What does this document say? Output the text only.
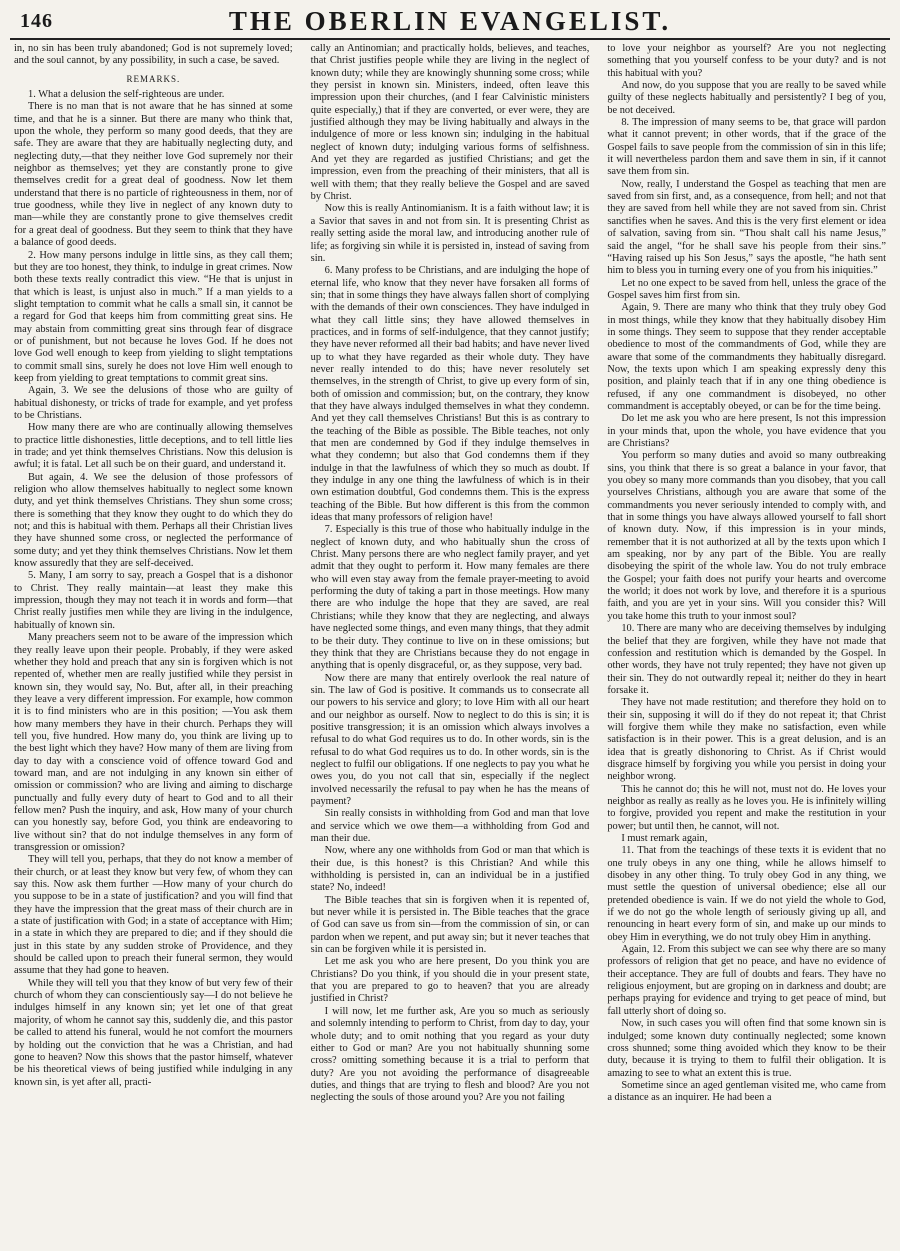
146	THE OBERLIN EVANGELIST.

in, no sin has been truly abandoned; God is not supremely loved; and the soul cannot, by any possibility, in such a case, be saved.

REMARKS.

1. What a delusion the self-righteous are under.

There is no man that is not aware that he has sinned at some time, and that he is a sinner. But there are many who think that, upon the whole, they perform so many good deeds, that they are safe. They are aware that they are habitually neglecting duty, and neglecting duty,—that they neither love God supremely nor their neighbor as themselves; yet they are constantly prone to give themselves credit for a great deal of goodness. Now let them understand that there is no particle of righteousness in them, nor of true goodness, while they live in neglect of any known duty to man—while they are constantly prone to give themselves credit for a great deal of goodness. But they seem to think that they have a balance of good deeds.

2. How many persons indulge in little sins, as they call them; but they are too honest, they think, to indulge in great crimes. Now both these texts really contradict this view. “He that is unjust in that which is least, is unjust also in much.” If a man yields to a slight temptation to commit what he calls a small sin, it cannot be a regard for God that keeps him from committing great sins. He may abstain from committing great sins through fear of disgrace or of punishment, but not because he loves God. If he does not love God well enough to keep from yielding to slight temptations to commit small sins, surely he does not love Him well enough to keep from yielding to great temptations to commit great sins.

Again, 3. We see the delusions of those who are guilty of habitual dishonesty, or tricks of trade for example, and yet profess to be Christians.

How many there are who are continually allowing themselves to practice little dishonesties, little deceptions, and to tell little lies in trade; and yet think themselves Christians. Now this delusion is awful; it is fatal. Let all such be on their guard, and understand it.

But again, 4. We see the delusion of those professors of religion who allow themselves habitually to neglect some known duty, and yet think themselves Christians. They shun some cross; there is something that they know they ought to do which they do not; and this is habitual with them. Perhaps all their Christian lives they have shunned some cross, or neglected the performance of some duty; and yet they think themselves Christians. Now let them know assuredly that they are self-deceived.

5. Many, I am sorry to say, preach a Gospel that is a dishonor to Christ. They really maintain—at least they make this impression, though they may not teach it in words and form—that Christ really justifies men while they are living in the indulgence, habitually of known sin.

Many preachers seem not to be aware of the impression which they really leave upon their people. Probably, if they were asked whether they hold and preach that any sin is forgiven which is not repented of, whether men are really justified while they persist in known sin, they would say, No. But, after all, in their preaching they leave a very different impression. For example, how common it is to find ministers who are in this position; —You ask them how many members they have in their church. Perhaps they will tell you, five hundred. How many do, you think are living up to the best light which they have? How many of them are living from day to day with a conscience void of offence toward God and toward man, and are not indulging in any known sin either of omission or commission? who are living and aiming to discharge punctually and fully every duty of heart to God and to all their fellow men? Push the inquiry, and ask, How many of your church can you honestly say, before God, you think are endeavoring to live without sin? that do not indulge themselves in any form of transgression or omission?

They will tell you, perhaps, that they do not know a member of their church, or at least they know but very few, of whom they can say this. Now ask them further —How many of your church do you suppose to be in a state of justification? and you will find that they have the impression that the great mass of their church are in a state of justification with God; in a state of acceptance with Him; in a state in which they are prepared to die; and if they should die just in this state by any sudden stroke of Providence, and they should be called upon to preach their funeral sermon, they would assume that they had gone to heaven.

While they will tell you that they know of but very few of their church of whom they can conscientiously say—I do not believe he indulges himself in any known sin; yet let one of that great majority, of whom he cannot say this, suddenly die, and this pastor be called to attend his funeral, would he not comfort the mourners by holding out the conviction that he was a Christian, and had gone to heaven? Now this shows that the pastor himself, whatever be his theoretical views of being justified while indulging in any known sin, is yet after all, practi-

cally an Antinomian; and practically holds, believes, and teaches, that Christ justifies people while they are living in the neglect of known duty; while they are knowingly shunning some cross; while they persist in known sin. Ministers, indeed, often leave this impression upon their churches, (and I fear Calvinistic ministers quite especially,) that if they are converted, or ever were, they are justified although they may be living habitually and always in the indulgence of more or less known sin; indulging in the habitual neglect of known duty; indulging various forms of selfishness. And yet they are regarded as justified Christians; and get the impression, even from the preaching of their ministers, that all is well with them; that they really believe the Gospel and are saved by Christ.

Now this is really Antinomianism. It is a faith without law; it is a Savior that saves in and not from sin. It is presenting Christ as really setting aside the moral law, and introducing another rule of life; as forgiving sin while it is persisted in, instead of saving from sin.

6. Many profess to be Christians, and are indulging the hope of eternal life, who know that they never have forsaken all forms of sin; that in some things they have always fallen short of complying with the demands of their own consciences. They have indulged in what they call little sins; they have allowed themselves in practices, and in forms of self-indulgence, that they cannot justify; they have never reformed all their bad habits; and have never lived up to what they have regarded as their whole duty. They have never really intended to do this; have never resolutely set themselves, in the strength of Christ, to give up every form of sin, both of omission and commission; but, on the contrary, they know that they have always indulged themselves in what they condemn. And yet they call themselves Christians! But this is as contrary to the teaching of the Bible as possible. The Bible teaches, not only that men are condemned by God if they indulge themselves in what they condemn; but also that God condemns them if they indulge in that the lawfulness of which they so much as doubt. If they indulge in any one thing the lawfulness of which is in their own estimation doubtful, God condemns them. This is the express teaching of the Bible. But how different is this from the common ideas that many professors of religion have!

7. Especially is this true of those who habitually indulge in the neglect of known duty, and who habitually shun the cross of Christ. Many persons there are who neglect family prayer, and yet admit that they ought to perform it. How many females are there who will even stay away from the female prayer-meeting to avoid performing the duty of taking a part in those meetings. How many there are who indulge the hope that they are saved, are real Christians; while they know that they are neglecting, and always have neglected some things, and even many things, that they admit to be their duty. They continue to live on in these omissions; but they think that they are Christians because they do not engage in anything that is openly disgraceful, or, as they suppose, very bad.

Now there are many that entirely overlook the real nature of sin. The law of God is positive. It commands us to consecrate all our powers to his service and glory; to love Him with all our heart and our neighbor as ourself. Now to neglect to do this is sin; it is positive transgression; it is an omission which always involves a refusal to do what God requires us to do. In other words, sin is the refusal to do what God requires us to do. In other words, sin is the neglect to fulfil our obligations. If one neglects to pay you what he owes you, do you not call that sin, especially if the neglect involved necessarily the refusal to pay when he has the means of payment?

Sin really consists in withholding from God and man that love and service which we owe them—a withholding from God and man their due.

Now, where any one withholds from God or man that which is their due, is this honest? is this Christian? And while this withholding is persisted in, can an individual be in a justified state? No, indeed!

The Bible teaches that sin is forgiven when it is repented of, but never while it is persisted in. The Bible teaches that the grace of God can save us from sin—from the commission of sin, or can pardon when we repent, and put away sin; but it never teaches that sin can be forgiven while it is persisted in.

Let me ask you who are here present, Do you think you are Christians? Do you think, if you should die in your present state, that you are prepared to go to heaven? that you are already justified in Christ?

I will now, let me further ask, Are you so much as seriously and solemnly intending to perform to Christ, from day to day, your whole duty; and to omit nothing that you regard as your duty either to God or man? Are you not habitually shunning some cross? omitting something because it is a trial to perform that duty? Are you not avoiding the performance of disagreeable duties, and things that are trying to flesh and blood? Are you not neglecting the souls of those around you? Are you not failing

to love your neighbor as yourself? Are you not neglecting something that you yourself confess to be your duty? and is not this habitual with you?

And now, do you suppose that you are really to be saved while guilty of these neglects habitually and persistently? I beg of you, be not deceived.

8. The impression of many seems to be, that grace will pardon what it cannot prevent; in other words, that if the grace of the Gospel fails to save people from the commission of sin in this life; it will nevertheless pardon them and save them in sin, if it cannot save them from sin.

Now, really, I understand the Gospel as teaching that men are saved from sin first, and, as a consequence, from hell; and not that they are saved from hell while they are not saved from sin. Christ sanctifies when he saves. And this is the very first element or idea of salvation, saving from sin. “Thou shalt call his name Jesus,” said the angel, “for he shall save his people from their sins.” “Having raised up his Son Jesus,” says the apostle, “he hath sent him to bless you in turning every one of you from his iniquities.”

Let no one expect to be saved from hell, unless the grace of the Gospel saves him first from sin.

Again, 9. There are many who think that they truly obey God in most things, while they know that they habitually disobey Him in some things. They seem to suppose that they render acceptable obedience to most of the commandments of God, while they are aware that some of the commandments they habitually disregard. Now, the texts upon which I am speaking expressly deny this position, and plainly teach that if in any one thing obedience is refused, if any one commandment is disobeyed, no other commandment is acceptably obeyed, or can be for the time being.

Do let me ask you who are here present, Is not this impression in your minds that, upon the whole, you have evidence that you are Christians?

You perform so many duties and avoid so many outbreaking sins, you think that there is so great a balance in your favor, that you obey so many more commands than you disobey, that you call yourselves Christians, although you are aware that some of the commandments you never seriously intended to comply with, and that in some things you have always allowed yourself to fall short of known duty. Now, if this impression is in your minds, remember that it is not authorized at all by the texts upon which I am speaking, nor by any part of the Bible. You are really disobeying the spirit of the whole law. You do not truly embrace the Gospel; your faith does not purify your hearts and overcome the world; it does not work by love, and therefore it is a spurious faith, and you are yet in your sins. Will you consider this? Will you take home this truth to your inmost soul?

10. There are many who are deceiving themselves by indulging the belief that they are forgiven, while they have not made that confession and restitution which is demanded by the Gospel. In other words, they have not truly repented; they have not given up their sin. They do not outwardly repeal it; neither do they in heart forsake it.

They have not made restitution; and therefore they hold on to their sin, supposing it will do if they do not repeat it; that Christ will forgive them while they make no satisfaction, even while satisfaction is in their power. This is a great delusion, and is an idea that is greatly dishonoring to Christ. As if Christ would disgrace himself by forgiving you while you persist in doing your neighbor wrong.

This he cannot do; this he will not, must not do. He loves your neighbor as really as really as he loves you. He is infinitely willing to forgive, provided you repent and make the restitution in your power; but until then, he cannot, will not.

I must remark again,

11. That from the teachings of these texts it is evident that no one truly obeys in any one thing, while he allows himself to disobey in any other thing. To truly obey God in any thing, we must settle the question of universal obedience; else all our pretended obedience is vain. If we do not yield the whole to God, if we do not go the whole length of seriously giving up all, and renouncing in heart every form of sin, and make up our minds to obey Him in everything, we do not truly obey Him in anything.

Again, 12. From this subject we can see why there are so many professors of religion that get no peace, and have no evidence of their acceptance. They are full of doubts and fears. They have no religious enjoyment, but are groping on in darkness and doubt; are perhaps praying for evidence and trying to get peace of mind, but fall utterly short of doing so.

Now, in such cases you will often find that some known sin is indulged; some known duty continually neglected; some known cross shunned; some thing avoided which they know to be their duty, because it is trying to them to fulfil their obligation. It is amazing to see to what an extent this is true.

Sometime since an aged gentleman visited me, who came from a distance as an inquirer. He had been a
